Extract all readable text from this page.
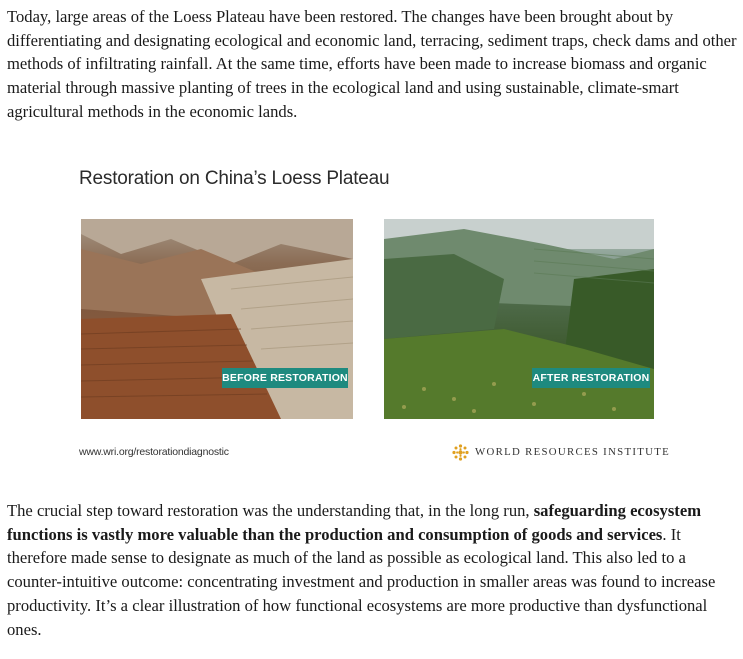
Today, large areas of the Loess Plateau have been restored. The changes have been brought about by differentiating and designating ecological and economic land, terracing, sediment traps, check dams and other methods of infiltrating rainfall. At the same time, efforts have been made to increase biomass and organic material through massive planting of trees in the ecological land and using sustainable, climate-smart agricultural methods in the economic lands.

Restoration on China’s Loess Plateau
BEFORE RESTORATION	AFTER RESTORATION
www.wri.org/restorationdiagnostic	WORLD RESOURCES INSTITUTE

The crucial step toward restoration was the understanding that, in the long run, safeguarding ecosystem functions is vastly more valuable than the production and consumption of goods and services. It therefore made sense to designate as much of the land as possible as ecological land. This also led to a counter-intuitive outcome: concentrating investment and production in smaller areas was found to increase productivity. It’s a clear illustration of how functional ecosystems are more productive than dysfunctional ones.
